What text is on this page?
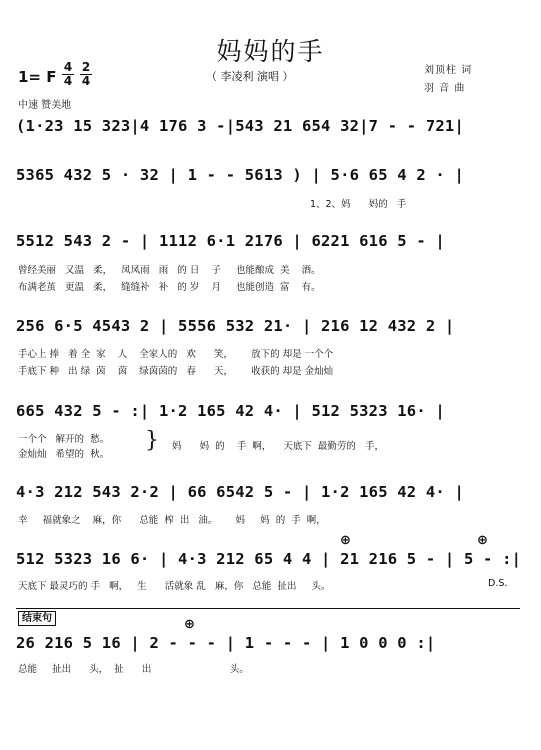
妈妈的手
（ 李凌利 演唱 ）	刘顶柱 词
羽 音 曲
1= F
4
4
2
4
中速 赞美地
(1·23 15 323|4 176 3 -|543 21 654 32|7 - - 721|
5365 432 5 · 32 | 1 - - 5613 ) | 5·6 65 4 2 · |
1、2、妈      妈的   手
5512 543 2 - | 1112 6·1 2176 | 6221 616 5 - |
曾经美丽   又温   柔，   凤凤雨   雨   的 日    子     也能酿成  美    酒。
布满老茧   更温   柔，   缝缝补   补   的 岁    月     也能创造  富    有。
256 6·5 4543 2 | 5556 532 21· | 216 12 432 2 |
手心上 捧   着 全  家    人    全家人的   欢      笑，      放下的 却是 一个个
手底下 种   出 绿  茵    茵    绿茵茵的   春      天，      收获的 却是 金灿灿
665 432 5 - :| 1·2 165 42 4· | 512 5323 16· |
一个个   解开的  愁。
金灿灿   希望的  秋。
} 妈      妈  的    手  啊，    天底下  最勤劳的   手，
4·3 212 543 2·2 | 66 6542 5 - | 1·2 165 42 4· |
幸     福就象之    麻，你      总能  榨  出   油。      妈     妈  的  手  啊，
⊕	⊕
512 5323 16 6· | 4·3 212 65 4 4 | 21 216 5 - | 5 - :|
天底下 最灵巧的 手   啊，   生      活就象 乱   麻，你   总能  扯出     头。	D.S.
结束句	⊕
26 216 5 16 | 2 - - - | 1 - - - | 1 0 0 0 :|
总能     扯出      头，  扯      出                          头。
